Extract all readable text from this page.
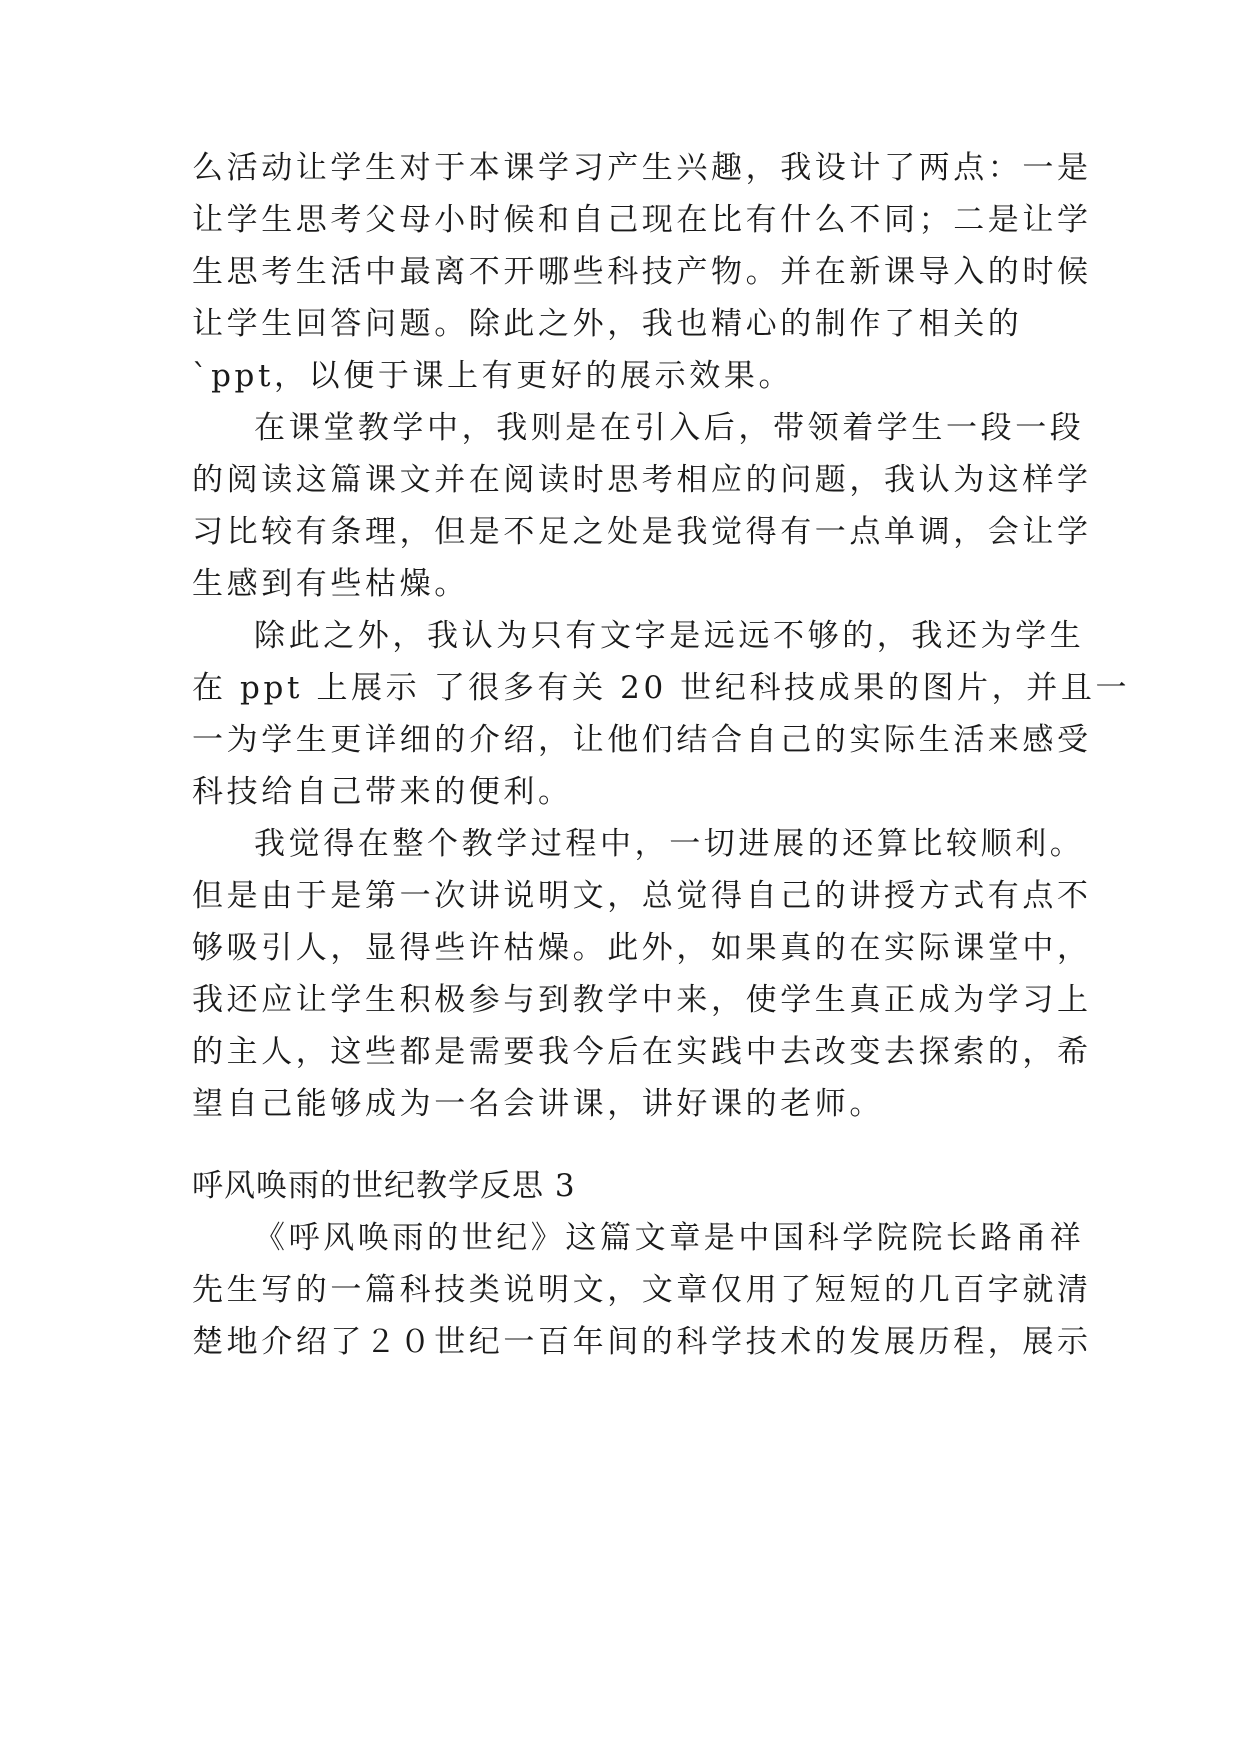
么活动让学生对于本课学习产生兴趣，我设计了两点：一是
让学生思考父母小时候和自己现在比有什么不同；二是让学
生思考生活中最离不开哪些科技产物。并在新课导入的时候
让学生回答问题。除此之外，我也精心的制作了相关的
`ppt，以便于课上有更好的展示效果。
在课堂教学中，我则是在引入后，带领着学生一段一段
的阅读这篇课文并在阅读时思考相应的问题，我认为这样学
习比较有条理，但是不足之处是我觉得有一点单调，会让学
生感到有些枯燥。
除此之外，我认为只有文字是远远不够的，我还为学生
在 ppt 上展示 了很多有关 20 世纪科技成果的图片，并且一
一为学生更详细的介绍，让他们结合自己的实际生活来感受
科技给自己带来的便利。
我觉得在整个教学过程中，一切进展的还算比较顺利。
但是由于是第一次讲说明文，总觉得自己的讲授方式有点不
够吸引人，显得些许枯燥。此外，如果真的在实际课堂中，
我还应让学生积极参与到教学中来，使学生真正成为学习上
的主人，这些都是需要我今后在实践中去改变去探索的，希
望自己能够成为一名会讲课，讲好课的老师。
呼风唤雨的世纪教学反思 3
《呼风唤雨的世纪》这篇文章是中国科学院院长路甬祥
先生写的一篇科技类说明文，文章仅用了短短的几百字就清
楚地介绍了２０世纪一百年间的科学技术的发展历程，展示
